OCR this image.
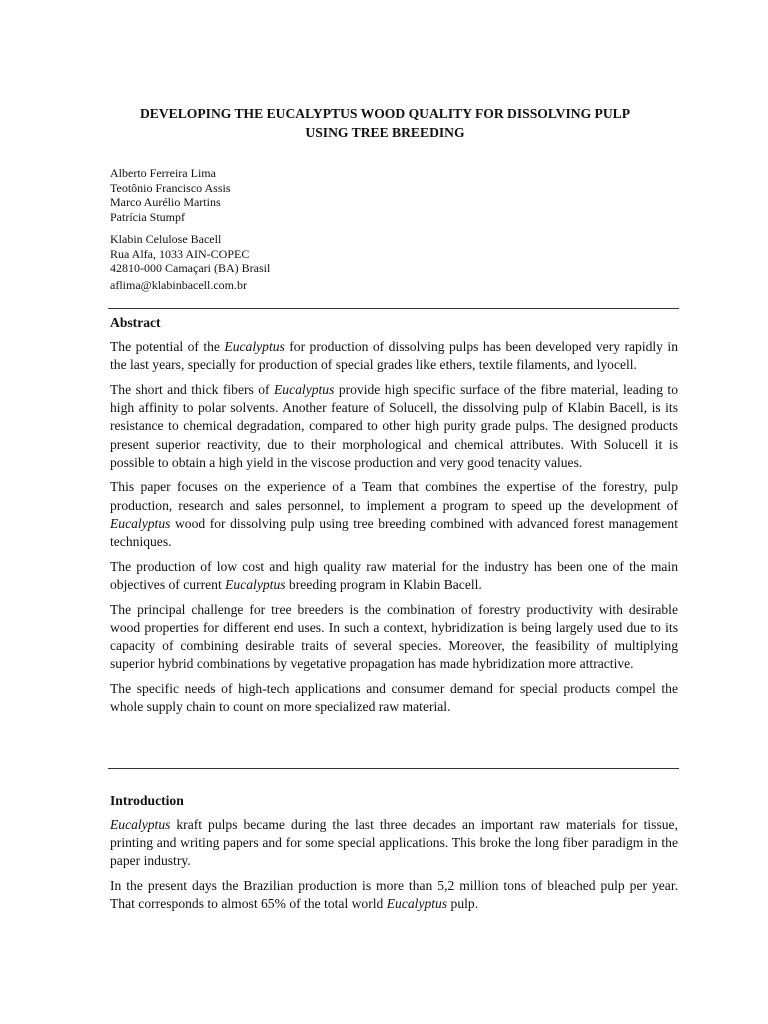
DEVELOPING THE EUCALYPTUS WOOD QUALITY FOR DISSOLVING PULP
USING TREE BREEDING
Alberto Ferreira Lima
Teotônio Francisco Assis
Marco Aurélio Martins
Patrícia Stumpf
Klabin Celulose Bacell
Rua Alfa, 1033 AIN-COPEC
42810-000 Camaçari (BA) Brasil
aflima@klabinbacell.com.br
Abstract

The potential of the Eucalyptus for production of dissolving pulps has been developed very rapidly in the last years, specially for production of special grades like ethers, textile filaments, and lyocell.

The short and thick fibers of Eucalyptus provide high specific surface of the fibre material, leading to high affinity to polar solvents. Another feature of Solucell, the dissolving pulp of Klabin Bacell, is its resistance to chemical degradation, compared to other high purity grade pulps. The designed products present superior reactivity, due to their morphological and chemical attributes. With Solucell it is possible to obtain a high yield in the viscose production and very good tenacity values.

This paper focuses on the experience of a Team that combines the expertise of the forestry, pulp production, research and sales personnel, to implement a program to speed up the development of Eucalyptus wood for dissolving pulp using tree breeding combined with advanced forest management techniques.

The production of low cost and high quality raw material for the industry has been one of the main objectives of current Eucalyptus breeding program in Klabin Bacell.

The principal challenge for tree breeders is the combination of forestry productivity with desirable wood properties for different end uses. In such a context, hybridization is being largely used due to its capacity of combining desirable traits of several species. Moreover, the feasibility of multiplying superior hybrid combinations by vegetative propagation has made hybridization more attractive.

The specific needs of high-tech applications and consumer demand for special products compel the whole supply chain to count on more specialized raw material.

Introduction

Eucalyptus kraft pulps became during the last three decades an important raw materials for tissue, printing and writing papers and for some special applications. This broke the long fiber paradigm in the paper industry.

In the present days the Brazilian production is more than 5,2 million tons of bleached pulp per year. That corresponds to almost 65% of the total world Eucalyptus pulp.
